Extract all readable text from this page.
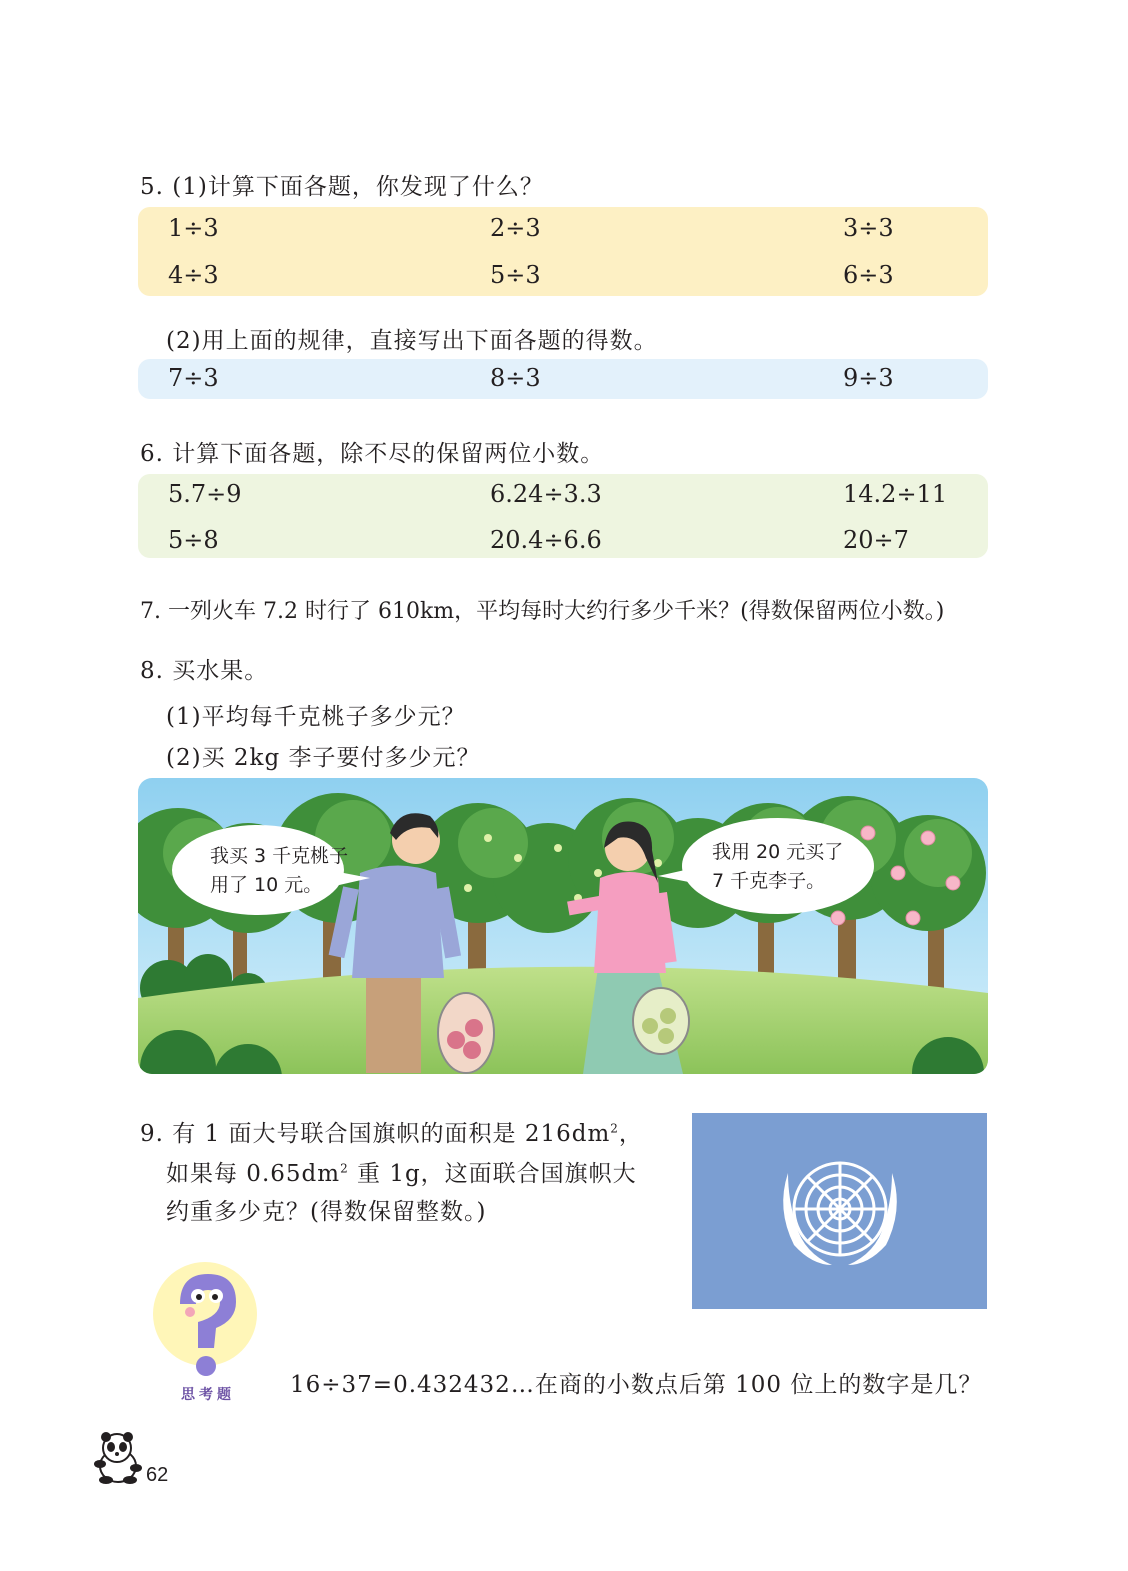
5. (1)计算下面各题，你发现了什么？
1÷3	2÷3	3÷3
4÷3	5÷3	6÷3
(2)用上面的规律，直接写出下面各题的得数。
7÷3	8÷3	9÷3
6. 计算下面各题，除不尽的保留两位小数。
5.7÷9	6.24÷3.3	14.2÷11
5÷8	20.4÷6.6	20÷7
7. 一列火车 7.2 时行了 610km，平均每时大约行多少千米？(得数保留两位小数。)
8. 买水果。
(1)平均每千克桃子多少元？
(2)买 2kg 李子要付多少元？
我买 3 千克桃子
用了 10 元。
我用 20 元买了
7 千克李子。
9. 有 1 面大号联合国旗帜的面积是 $216dm^2$，
如果每 $0.65dm^2$ 重 1g，这面联合国旗帜大
约重多少克？(得数保留整数。)
思考题	16÷37=0.432432…在商的小数点后第 100 位上的数字是几？
62
